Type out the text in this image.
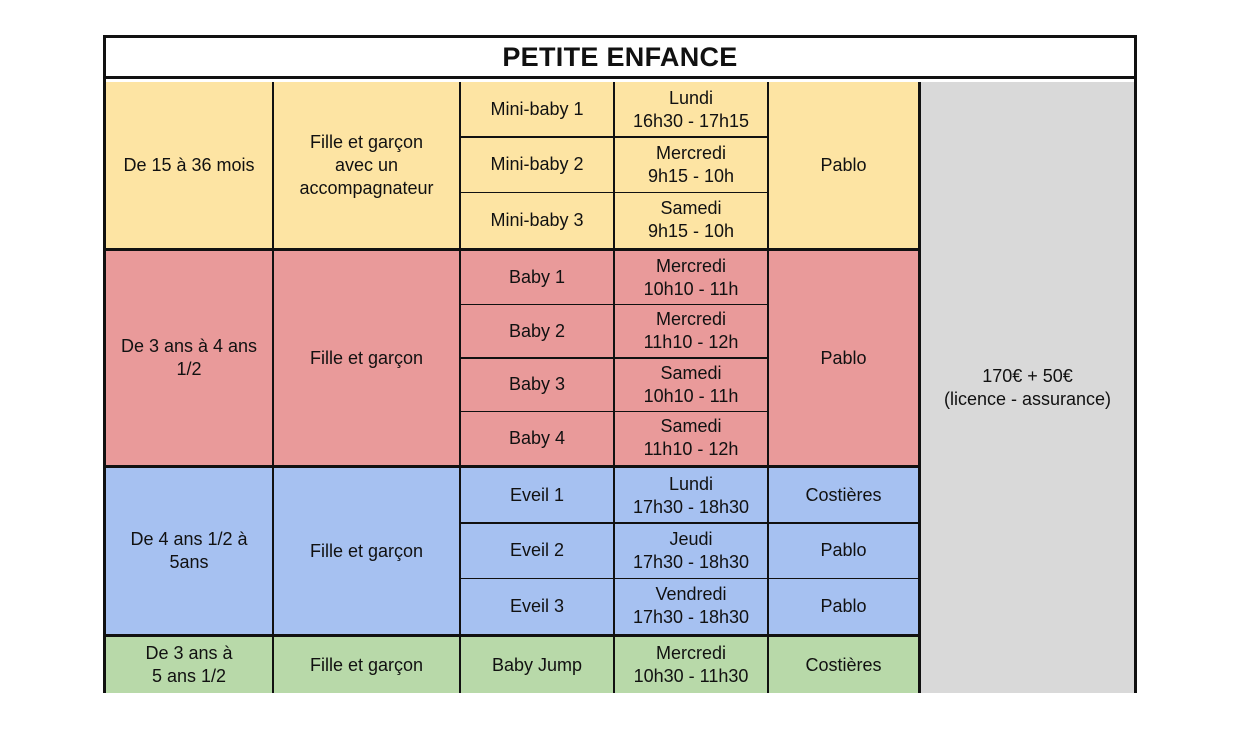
PETITE ENFANCE
De 15 à 36 mois
Fille et garçon
avec un
accompagnateur
Mini-baby 1
Lundi
16h30 - 17h15
Mini-baby 2
Mercredi
9h15 - 10h
Mini-baby 3
Samedi
9h15 - 10h
Pablo
De 3 ans à 4 ans
1/2
Fille et garçon
Baby 1
Mercredi
10h10 - 11h
Baby 2
Mercredi
11h10 - 12h
Baby 3
Samedi
10h10 - 11h
Baby 4
Samedi
11h10 - 12h
Pablo
De 4 ans 1/2 à
5ans
Fille et garçon
Eveil 1
Lundi
17h30 - 18h30
Eveil 2
Jeudi
17h30 - 18h30
Eveil 3
Vendredi
17h30 - 18h30
Costières
Pablo
Pablo
De 3 ans à
5 ans 1/2
Fille et garçon	Baby Jump
Mercredi
10h30 - 11h30
Costières
170€ + 50€
(licence - assurance)
